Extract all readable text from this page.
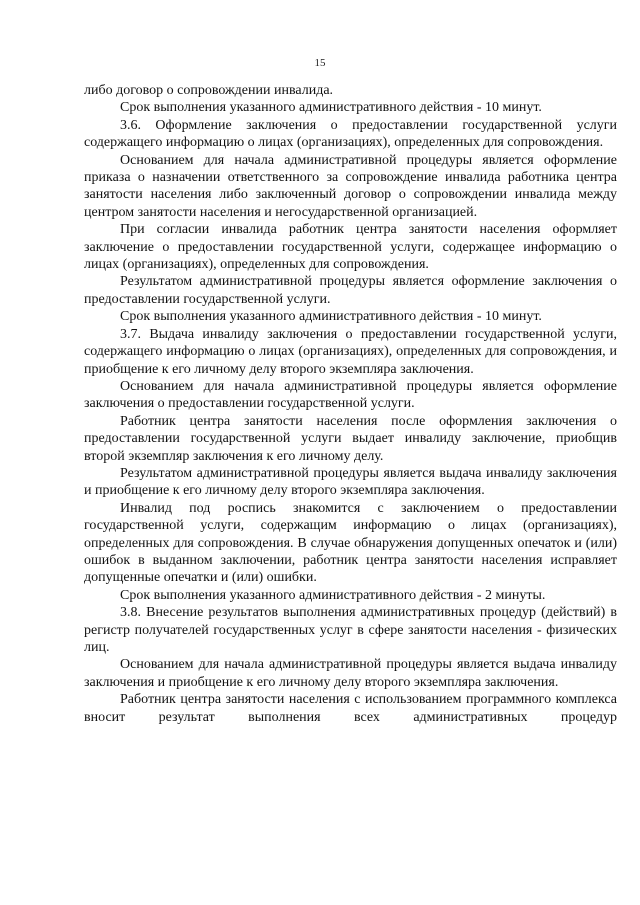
15

либо договор о сопровождении инвалида.

Срок выполнения указанного административного действия - 10 минут.

3.6. Оформление заключения о предоставлении государственной услуги содержащего информацию о лицах (организациях), определенных для сопровождения.

Основанием для начала административной процедуры является оформление приказа о назначении ответственного за сопровождение инвалида работника центра занятости населения либо заключенный договор о сопровождении инвалида между центром занятости населения и негосударственной организацией.

При согласии инвалида работник центра занятости населения оформляет заключение о предоставлении государственной услуги, содержащее информацию о лицах (организациях), определенных для сопровождения.

Результатом административной процедуры является оформление заключения о предоставлении государственной услуги.

Срок выполнения указанного административного действия - 10 минут.

3.7. Выдача инвалиду заключения о предоставлении государственной услуги, содержащего информацию о лицах (организациях), определенных для сопровождения, и приобщение к его личному делу второго экземпляра заключения.

Основанием для начала административной процедуры является оформление заключения о предоставлении государственной услуги.

Работник центра занятости населения после оформления заключения о предоставлении государственной услуги выдает инвалиду заключение, приобщив второй экземпляр заключения к его личному делу.

Результатом административной процедуры является выдача инвалиду заключения и приобщение к его личному делу второго экземпляра заключения.

Инвалид под роспись знакомится с заключением о предоставлении государственной услуги, содержащим информацию о лицах (организациях), определенных для сопровождения. В случае обнаружения допущенных опечаток и (или) ошибок в выданном заключении, работник центра занятости населения исправляет допущенные опечатки и (или) ошибки.

Срок выполнения указанного административного действия - 2 минуты.

3.8. Внесение результатов выполнения административных процедур (действий) в регистр получателей государственных услуг в сфере занятости населения - физических лиц.

Основанием для начала административной процедуры является выдача инвалиду заключения и приобщение к его личному делу второго экземпляра заключения.

Работник центра занятости населения с использованием программного комплекса вносит результат выполнения всех административных процедур
